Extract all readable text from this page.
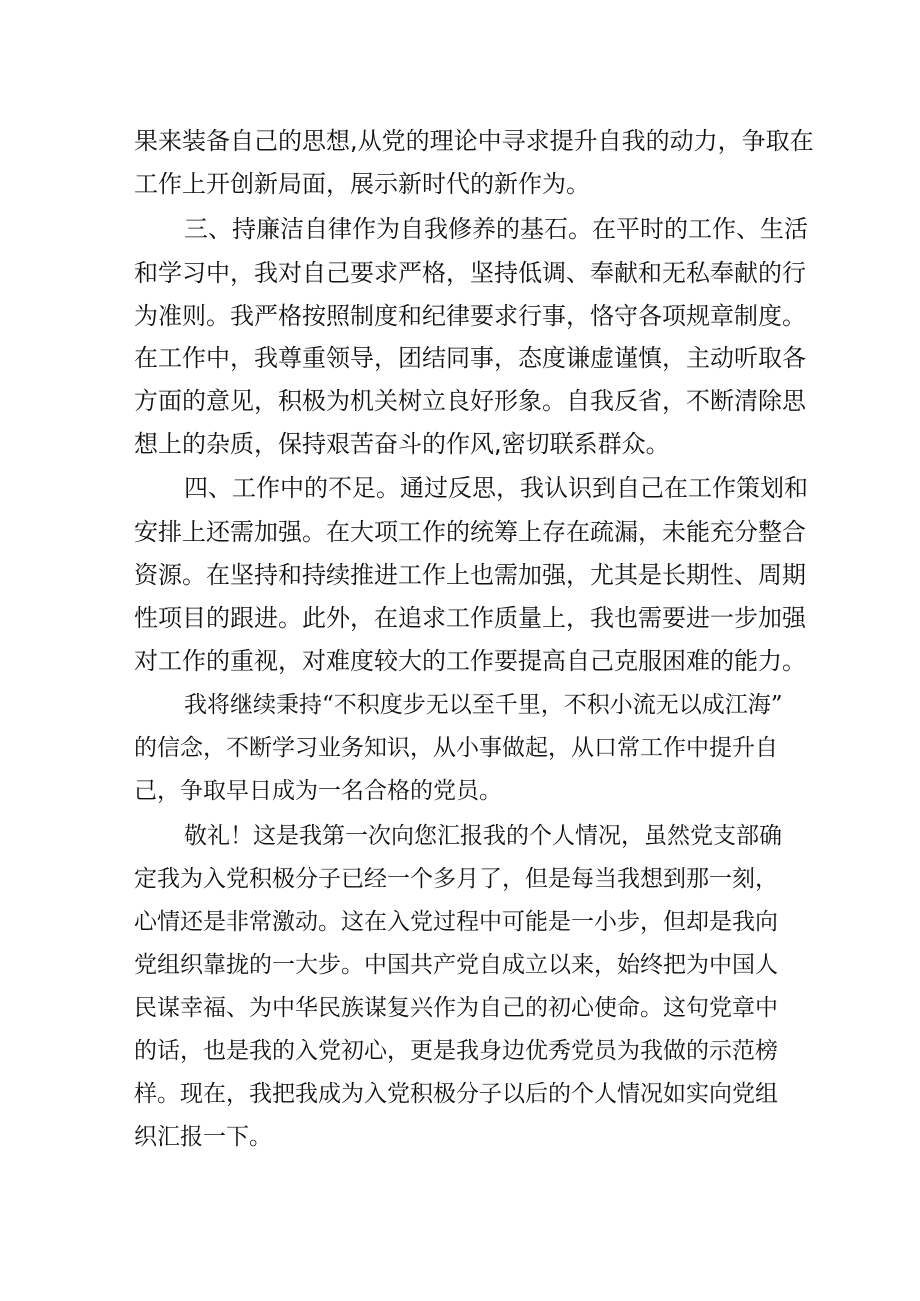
果来装备自己的思想,从党的理论中寻求提升自我的动力，争取在
工作上开创新局面，展示新时代的新作为。
三、持廉洁自律作为自我修养的基石。在平时的工作、生活
和学习中，我对自己要求严格，坚持低调、奉献和无私奉献的行
为准则。我严格按照制度和纪律要求行事，恪守各项规章制度。
在工作中，我尊重领导，团结同事，态度谦虚谨慎，主动听取各
方面的意见，积极为机关树立良好形象。自我反省，不断清除思
想上的杂质，保持艰苦奋斗的作风,密切联系群众。
四、工作中的不足。通过反思，我认识到自己在工作策划和
安排上还需加强。在大项工作的统筹上存在疏漏，未能充分整合
资源。在坚持和持续推进工作上也需加强，尤其是长期性、周期
性项目的跟进。此外，在追求工作质量上，我也需要进一步加强
对工作的重视，对难度较大的工作要提高自己克服困难的能力。
我将继续秉持“不积度步无以至千里，不积小流无以成江海”
的信念，不断学习业务知识，从小事做起，从口常工作中提升自
己，争取早日成为一名合格的党员。
敬礼！这是我第一次向您汇报我的个人情况，虽然党支部确
定我为入党积极分子已经一个多月了，但是每当我想到那一刻，
心情还是非常激动。这在入党过程中可能是一小步，但却是我向
党组织靠拢的一大步。中国共产党自成立以来，始终把为中国人
民谋幸福、为中华民族谋复兴作为自己的初心使命。这句党章中
的话，也是我的入党初心，更是我身边优秀党员为我做的示范榜
样。现在，我把我成为入党积极分子以后的个人情况如实向党组
织汇报一下。
